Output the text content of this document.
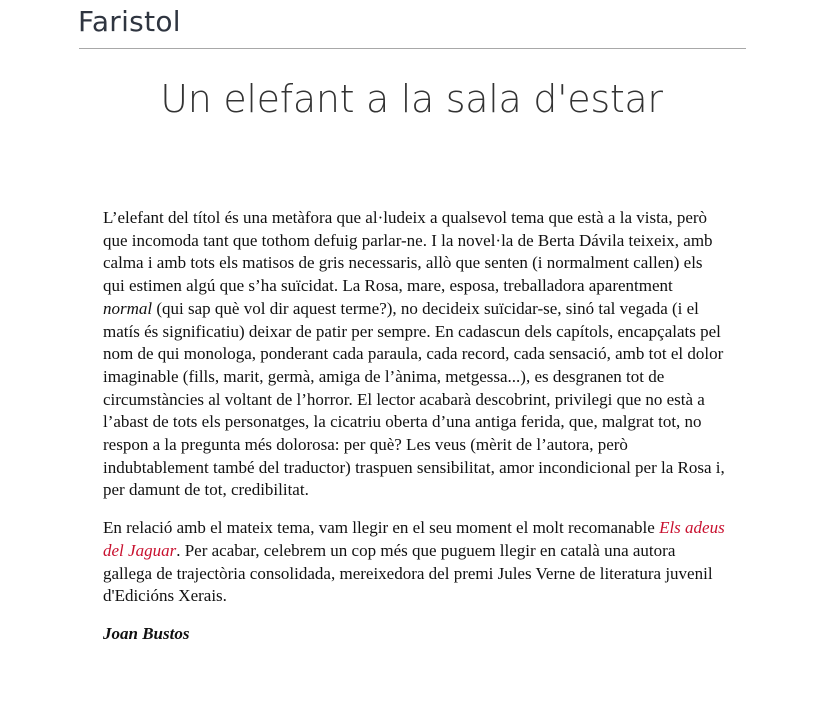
Faristol
Un elefant a la sala d'estar

L’elefant del títol és una metàfora que al·ludeix a qualsevol tema que està a la vista, però que incomoda tant que tothom defuig parlar-ne. I la novel·la de Berta Dávila teixeix, amb calma i amb tots els matisos de gris necessaris, allò que senten (i normalment callen) els qui estimen algú que s’ha suïcidat. La Rosa, mare, esposa, treballadora aparentment normal (qui sap què vol dir aquest terme?), no decideix suïcidar-se, sinó tal vegada (i el matís és significatiu) deixar de patir per sempre. En cadascun dels capítols, encapçalats pel nom de qui monologa, ponderant cada paraula, cada record, cada sensació, amb tot el dolor imaginable (fills, marit, germà, amiga de l’ànima, metgessa...), es desgranen tot de circumstàncies al voltant de l’horror. El lector acabarà descobrint, privilegi que no està a l’abast de tots els personatges, la cicatriu oberta d’una antiga ferida, que, malgrat tot, no respon a la pregunta més dolorosa: per què? Les veus (mèrit de l’autora, però indubtablement també del traductor) traspuen sensibilitat, amor incondicional per la Rosa i, per damunt de tot, credibilitat.

En relació amb el mateix tema, vam llegir en el seu moment el molt recomanable Els adeus del Jaguar. Per acabar, celebrem un cop més que puguem llegir en català una autora gallega de trajectòria consolidada, mereixedora del premi Jules Verne de literatura juvenil d'Edicións Xerais.

Joan Bustos
